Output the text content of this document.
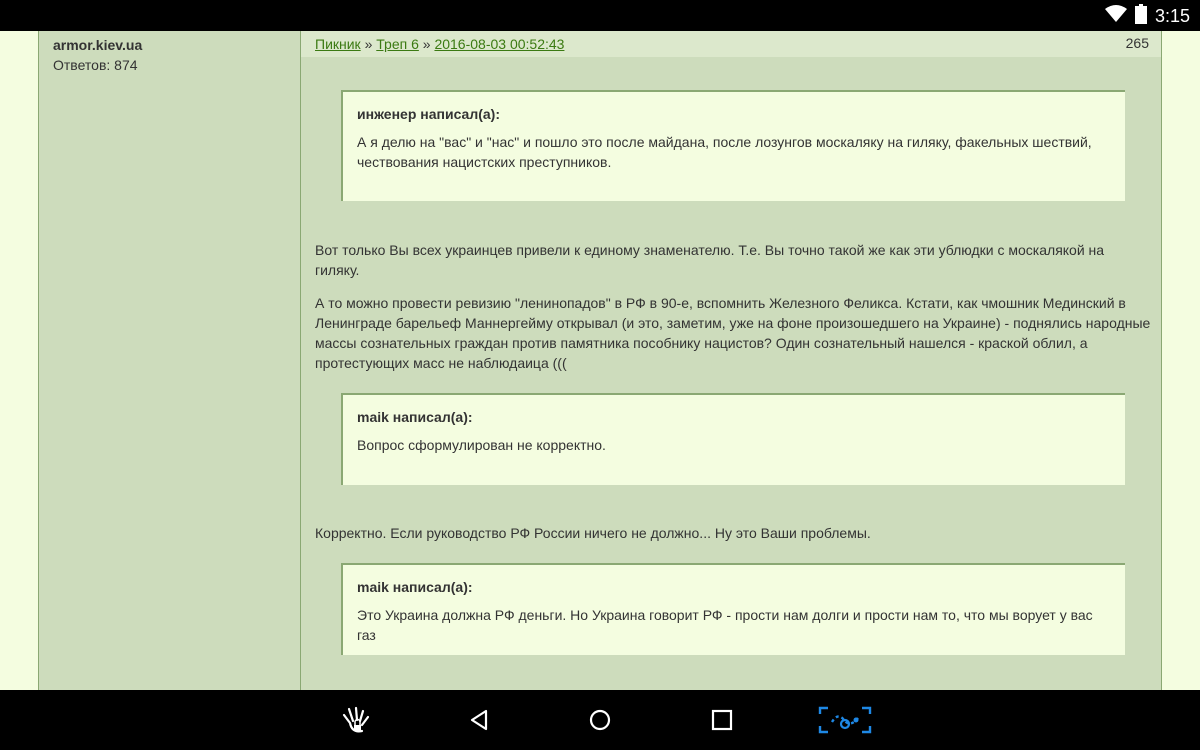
3:15
armor.kiev.ua
Ответов: 874
Пикник » Треп 6 » 2016-08-03 00:52:43	265
инженер написал(а):
А я делю на "вас" и "нас" и пошло это после майдана, после лозунгов москаляку на гиляку, факельных шествий, чествования нацистских преступников.

Вот только Вы всех украинцев привели к единому знаменателю. Т.е. Вы точно такой же как эти ублюдки с москалякой на гиляку.

А то можно провести ревизию "ленинопадов" в РФ в 90-е, вспомнить Железного Феликса. Кстати, как чмошник Мединский в Ленинграде барельеф Маннергейму открывал (и это, заметим, уже на фоне произошедшего на Украине) - поднялись народные массы сознательных граждан против памятника пособнику нацистов? Один сознательный нашелся - краской облил, а протестующих масс не наблюдаица (((

maik написал(а):
Вопрос сформулирован не корректно.

Корректно. Если руководство РФ России ничего не должно... Ну это Ваши проблемы.

maik написал(а):
Это Украина должна РФ деньги. Но Украина говорит РФ - прости нам долги и прости нам то, что мы ворует у вас газ
